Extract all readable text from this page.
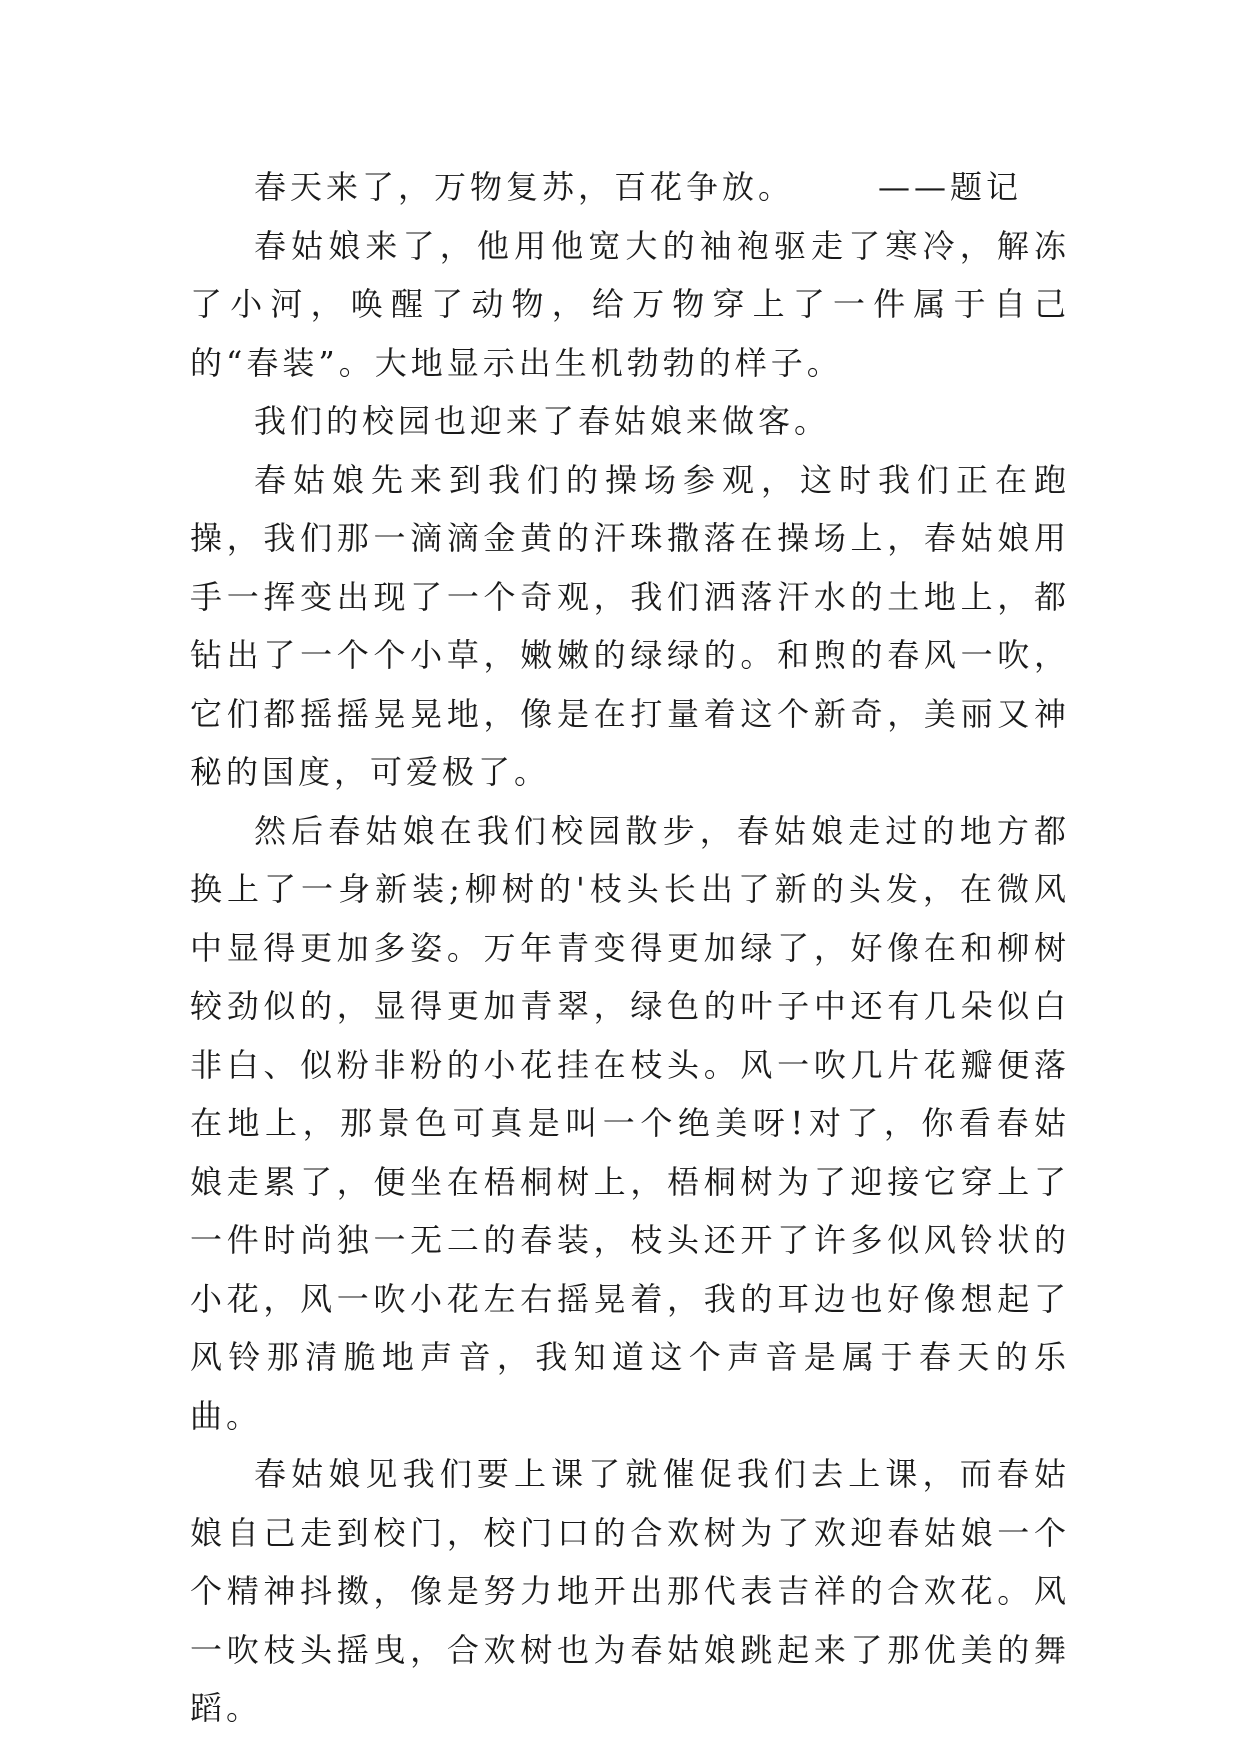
春天来了，万物复苏，百花争放。	——题记

春姑娘来了，他用他宽大的袖袍驱走了寒冷，解冻了小河，唤醒了动物，给万物穿上了一件属于自己的“春装”。大地显示出生机勃勃的样子。

我们的校园也迎来了春姑娘来做客。

春姑娘先来到我们的操场参观，这时我们正在跑操，我们那一滴滴金黄的汗珠撒落在操场上，春姑娘用手一挥变出现了一个奇观，我们洒落汗水的土地上，都钻出了一个个小草，嫩嫩的绿绿的。和煦的春风一吹，它们都摇摇晃晃地，像是在打量着这个新奇，美丽又神秘的国度，可爱极了。

然后春姑娘在我们校园散步，春姑娘走过的地方都换上了一身新装;柳树的'枝头长出了新的头发，在微风中显得更加多姿。万年青变得更加绿了，好像在和柳树较劲似的，显得更加青翠，绿色的叶子中还有几朵似白非白、似粉非粉的小花挂在枝头。风一吹几片花瓣便落在地上，那景色可真是叫一个绝美呀!对了，你看春姑娘走累了，便坐在梧桐树上，梧桐树为了迎接它穿上了一件时尚独一无二的春装，枝头还开了许多似风铃状的小花，风一吹小花左右摇晃着，我的耳边也好像想起了风铃那清脆地声音，我知道这个声音是属于春天的乐曲。

春姑娘见我们要上课了就催促我们去上课，而春姑娘自己走到校门，校门口的合欢树为了欢迎春姑娘一个个精神抖擞，像是努力地开出那代表吉祥的合欢花。风一吹枝头摇曳，合欢树也为春姑娘跳起来了那优美的舞蹈。
